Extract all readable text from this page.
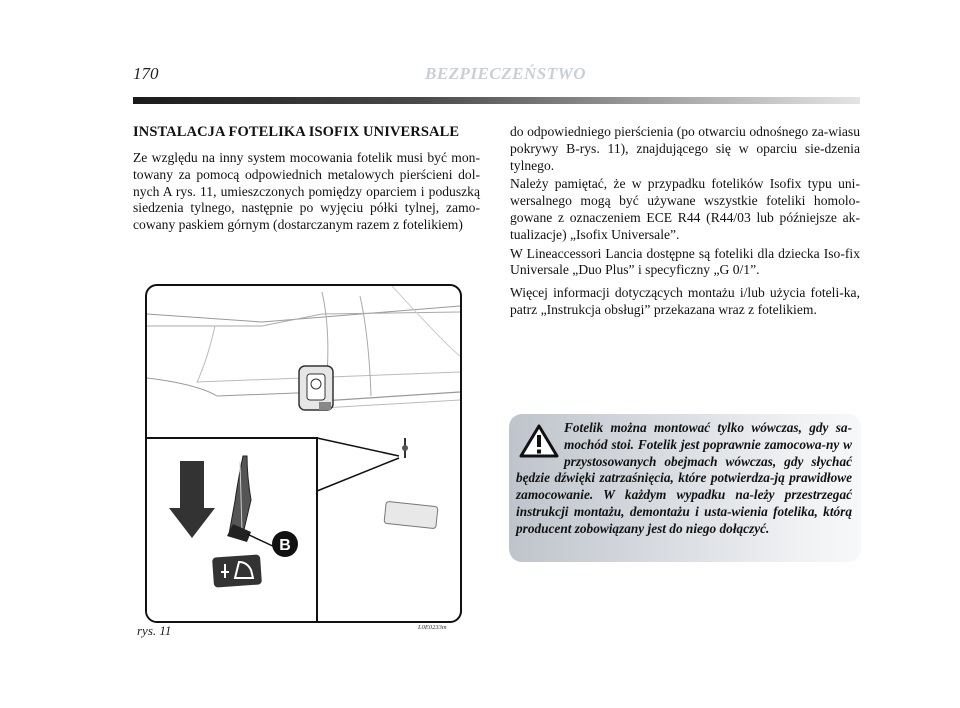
170	BEZPIECZEŃSTWO
INSTALACJA FOTELIKA ISOFIX UNIVERSALE

Ze względu na inny system mocowania fotelik musi być mon-towany za pomocą odpowiednich metalowych pierścieni dol-nych A rys. 11, umieszczonych pomiędzy oparciem i poduszką siedzenia tylnego, następnie po wyjęciu półki tylnej, zamo-cowany paskiem górnym (dostarczanym razem z fotelikiem)

do odpowiedniego pierścienia (po otwarciu odnośnego za-wiasu pokrywy B-rys. 11), znajdującego się w oparciu sie-dzenia tylnego.

Należy pamiętać, że w przypadku fotelików Isofix typu uni-wersalnego mogą być używane wszystkie foteliki homolo-gowane z oznaczeniem ECE R44 (R44/03 lub późniejsze ak-tualizacje) „Isofix Universale”.

W Lineaccessori Lancia dostępne są foteliki dla dziecka Iso-fix Universale „Duo Plus” i specyficzny „G 0/1”.

Więcej informacji dotyczących montażu i/lub użycia foteli-ka, patrz „Instrukcja obsługi” przekazana wraz z fotelikiem.

B
rys. 11	L0E0233m

Fotelik można montować tylko wówczas, gdy sa-mochód stoi. Fotelik jest poprawnie zamocowa-ny w przystosowanych obejmach wówczas, gdy słychać będzie dźwięki zatrzaśnięcia, które potwierdza-ją prawidłowe zamocowanie. W każdym wypadku na-leży przestrzegać instrukcji montażu, demontażu i usta-wienia fotelika, którą producent zobowiązany jest do niego dołączyć.
